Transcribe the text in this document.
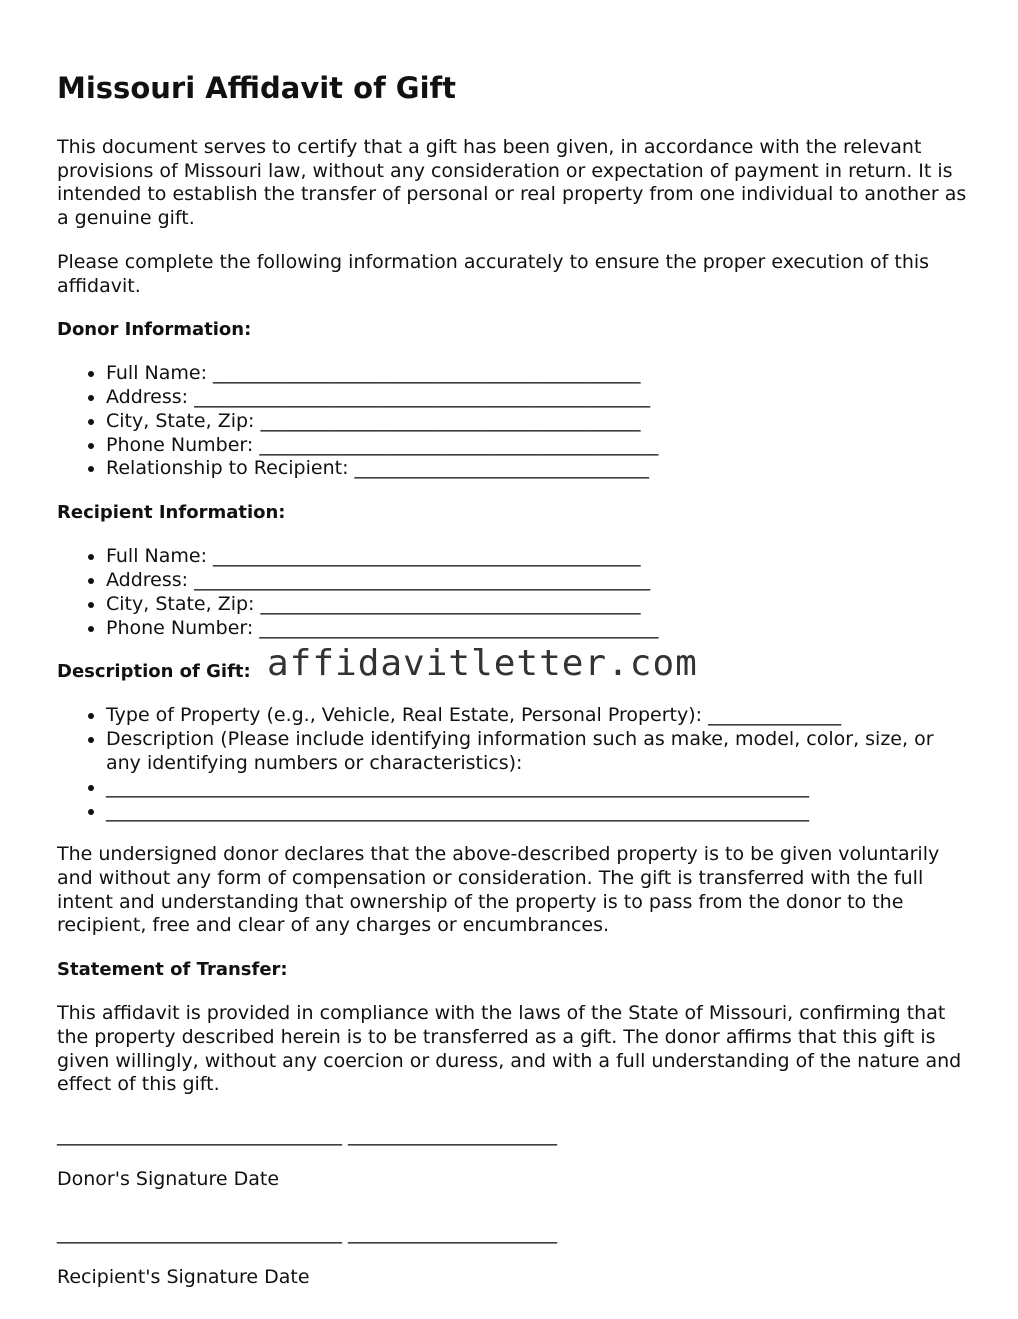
Missouri Affidavit of Gift

This document serves to certify that a gift has been given, in accordance with the relevant provisions of Missouri law, without any consideration or expectation of payment in return. It is intended to establish the transfer of personal or real property from one individual to another as a genuine gift.

Please complete the following information accurately to ensure the proper execution of this affidavit.

Donor Information:
• Full Name: _____________________________________________
• Address: ________________________________________________
• City, State, Zip: ________________________________________
• Phone Number: __________________________________________
• Relationship to Recipient: _______________________________
Recipient Information:
• Full Name: _____________________________________________
• Address: ________________________________________________
• City, State, Zip: ________________________________________
• Phone Number: __________________________________________
Description of Gift:
• Type of Property (e.g., Vehicle, Real Estate, Personal Property): ______________
• Description (Please include identifying information such as make, model, color, size, or any identifying numbers or characteristics):
• __________________________________________________________________________
• __________________________________________________________________________

The undersigned donor declares that the above-described property is to be given voluntarily and without any form of compensation or consideration. The gift is transferred with the full intent and understanding that ownership of the property is to pass from the donor to the recipient, free and clear of any charges or encumbrances.

Statement of Transfer:

This affidavit is provided in compliance with the laws of the State of Missouri, confirming that the property described herein is to be transferred as a gift. The donor affirms that this gift is given willingly, without any coercion or duress, and with a full understanding of the nature and effect of this gift.

______________________________ ______________________
Donor's Signature Date
______________________________ ______________________
Recipient's Signature Date
affidavitletter.com
